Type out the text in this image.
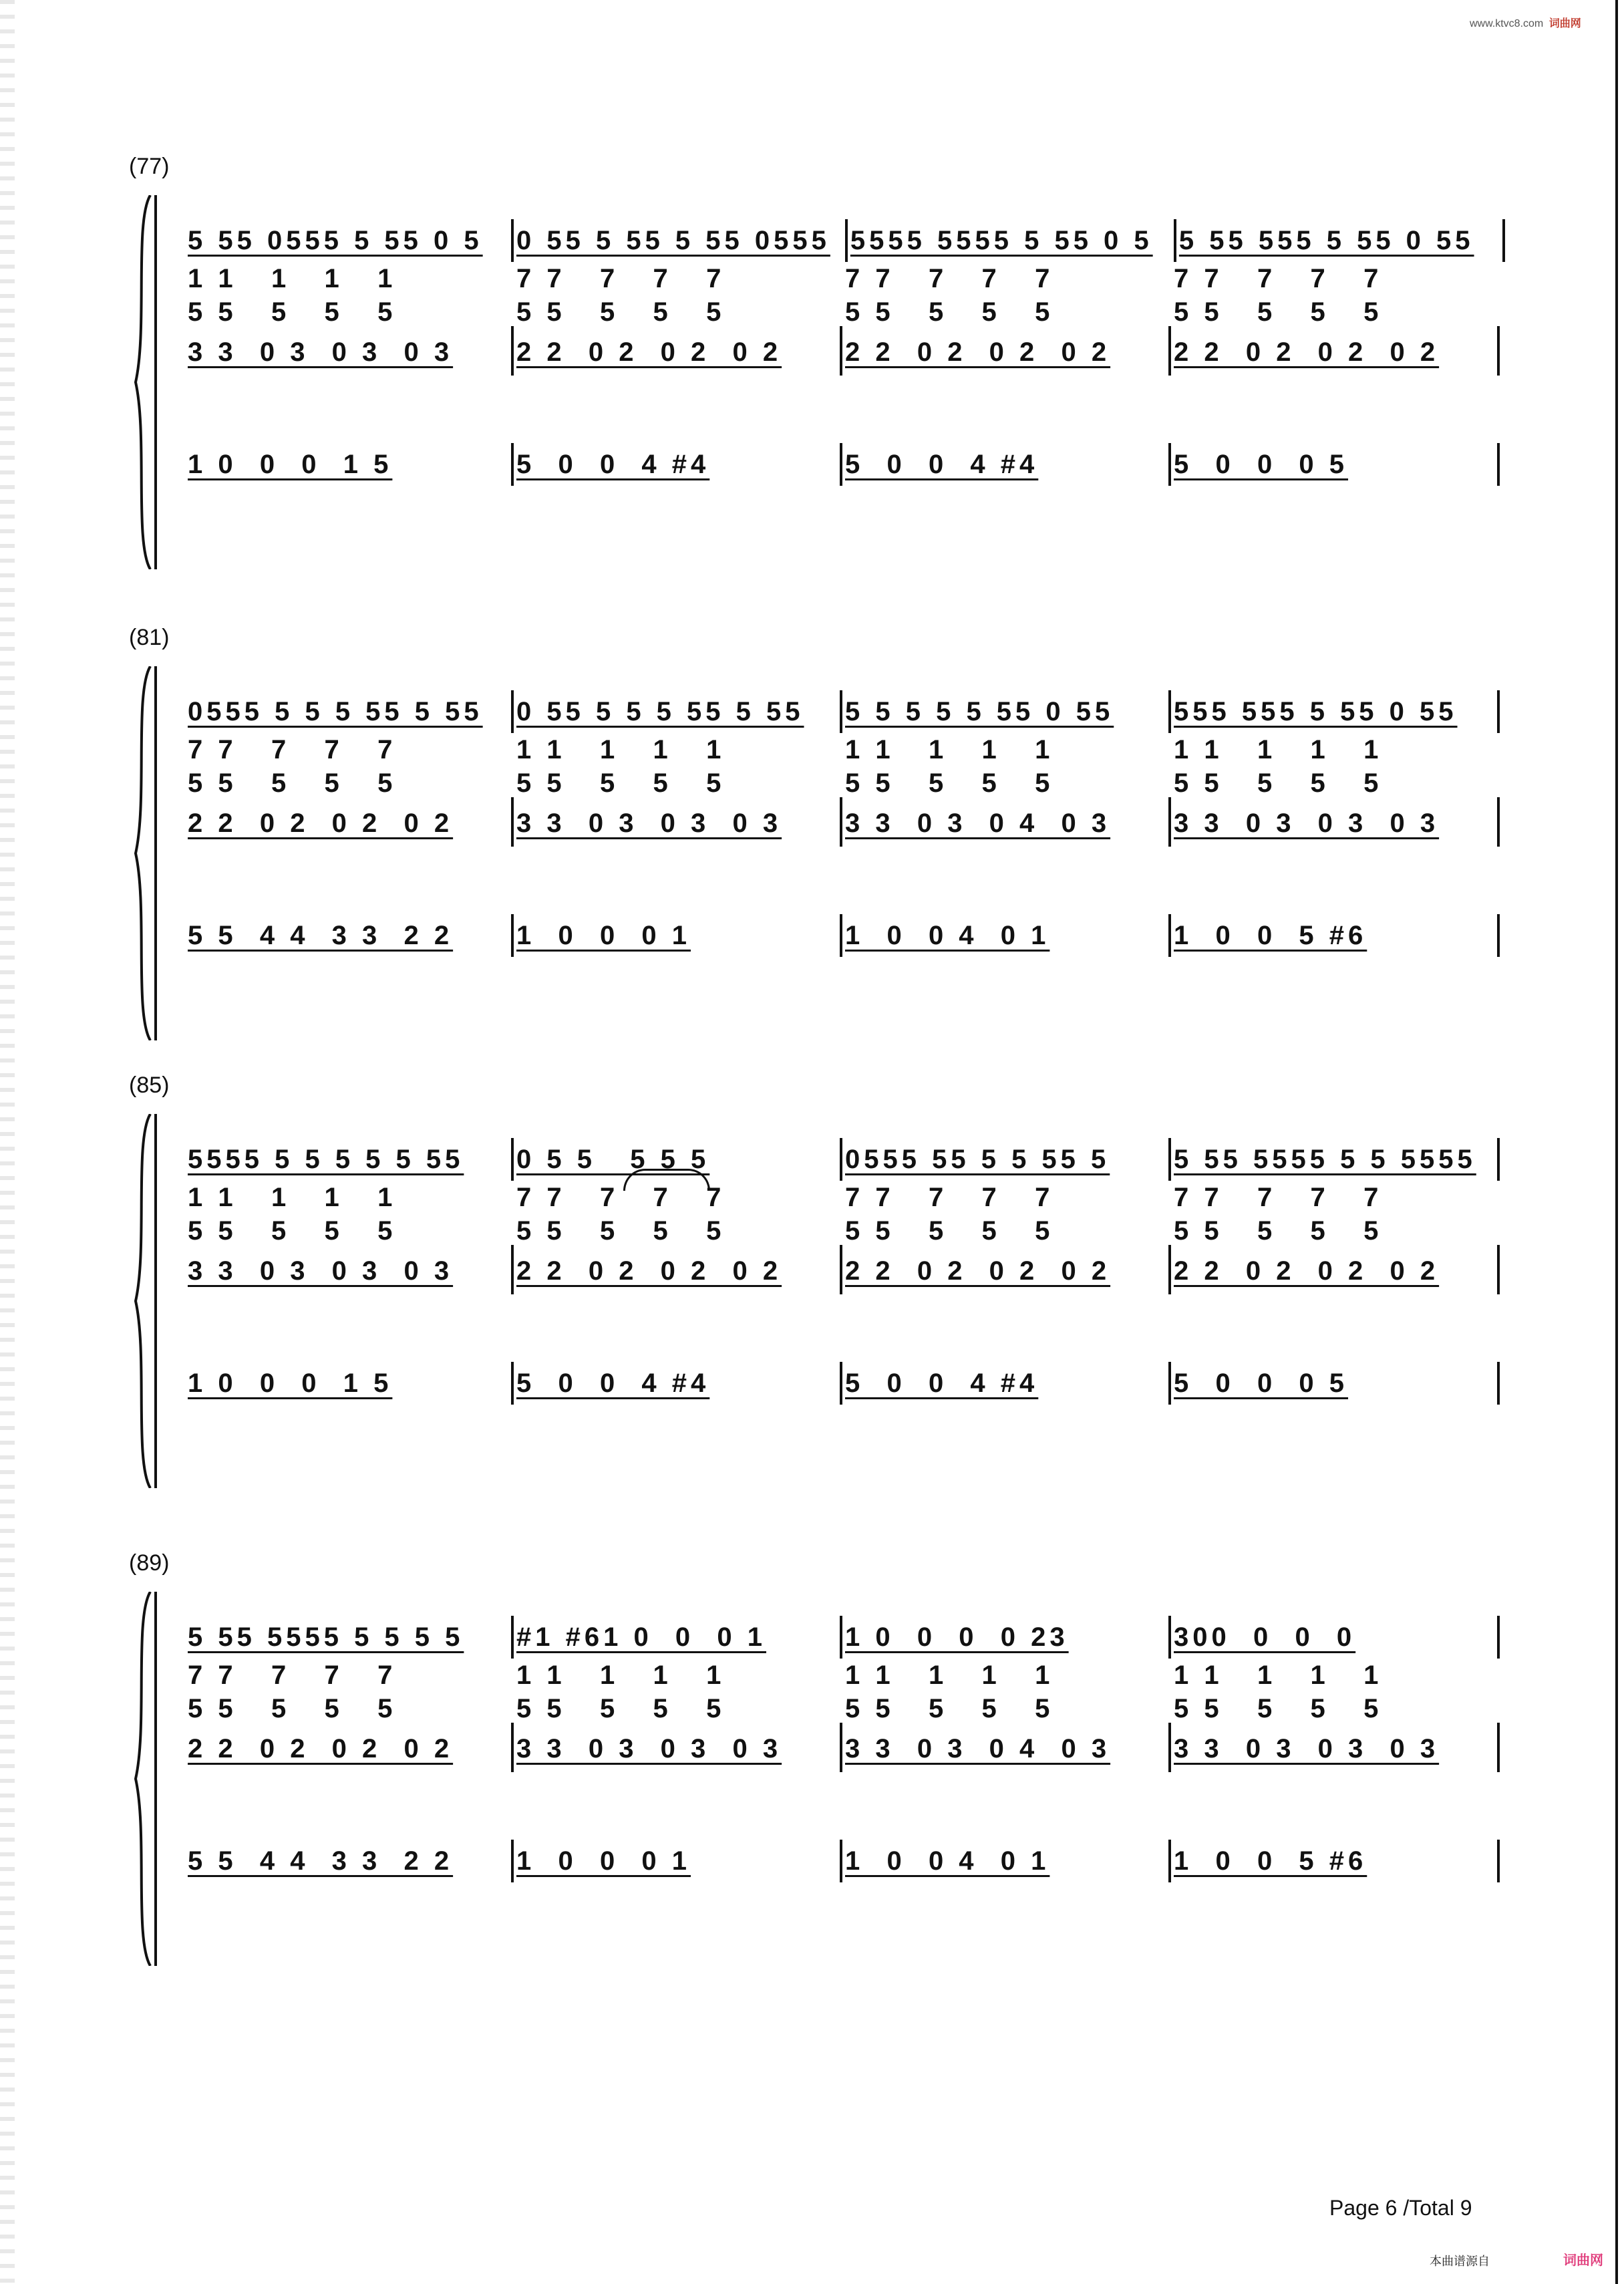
www.ktvc8.com 词曲网
(77)
5 55 0555 5 55 0 5 0 55 5 55 5 55 0555 5555 5555 5 55 0 5 5 55 555 5 55 0 55
1 1   1   1   1	7 7   7   7   7	7 7   7   7   7	7 7   7   7   7
5 5   5   5   5	5 5   5   5   5	5 5   5   5   5	5 5   5   5   5
3 3  0 3  0 3  0 3 2 2  0 2  0 2  0 2 2 2  0 2  0 2  0 2 2 2  0 2  0 2  0 2
1 0  0  0  1 5	5  0  0  4 #4	5  0  0  4 #4	5  0  0  0 5
(81)
0555 5 5 5 55 5 55 0 55 5 5 5 55 5 55 5 5 5 5 5 55 0 55 555 555 5 55 0 55
7 7   7   7   7	1 1   1   1   1	1 1   1   1   1	1 1   1   1   1
5 5   5   5   5	5 5   5   5   5	5 5   5   5   5	5 5   5   5   5
2 2  0 2  0 2  0 2 3 3  0 3  0 3  0 3 3 3  0 3  0 4  0 3 3 3  0 3  0 3  0 3
5 5  4 4  3 3  2 2 1  0  0  0 1	1  0  0 4  0 1	1  0  0  5 #6
(85)
5555 5 5 5 5 5 55 0 5 5   5 5 5	0555 55 5 5 55 5 5 55 5555 5 5 5555
1 1   1   1   1	7 7   7   7   7	7 7   7   7   7	7 7   7   7   7
5 5   5   5   5	5 5   5   5   5	5 5   5   5   5	5 5   5   5   5
3 3  0 3  0 3  0 3 2 2  0 2  0 2  0 2 2 2  0 2  0 2  0 2 2 2  0 2  0 2  0 2
1 0  0  0  1 5	5  0  0  4 #4	5  0  0  4 #4	5  0  0  0 5
(89)
5 55 5555 5 5 5 5 #1 #61 0  0  0 1	1 0  0  0  0 23	300  0  0  0
7 7   7   7   7	1 1   1   1   1	1 1   1   1   1	1 1   1   1   1
5 5   5   5   5	5 5   5   5   5	5 5   5   5   5	5 5   5   5   5
2 2  0 2  0 2  0 2 3 3  0 3  0 3  0 3 3 3  0 3  0 4  0 3 3 3  0 3  0 3  0 3
5 5  4 4  3 3  2 2 1  0  0  0 1	1  0  0 4  0 1	1  0  0  5 #6
Page 6 /Total 9
本曲谱源自	词曲网
